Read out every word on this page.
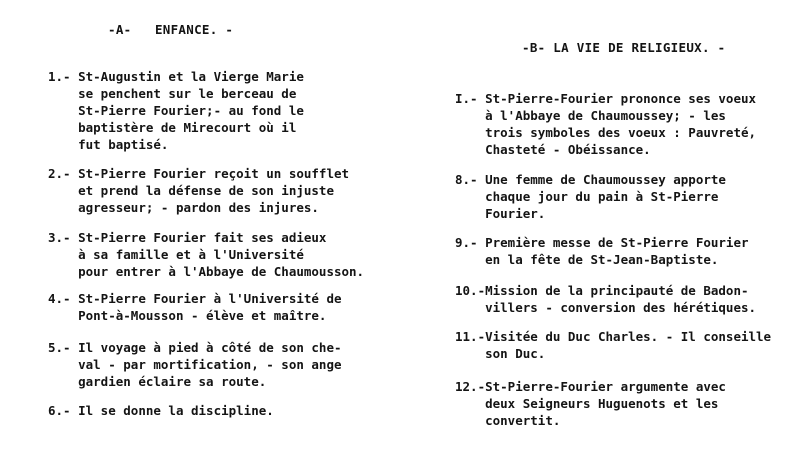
-A-   ENFANCE. -
1.- St-Augustin et la Vierge Marie
se penchent sur le berceau de
St-Pierre Fourier;- au fond le
baptistère de Mirecourt où il
fut baptisé.
2.- St-Pierre Fourier reçoit un soufflet
et prend la défense de son injuste
agresseur; - pardon des injures.
3.- St-Pierre Fourier fait ses adieux
à sa famille et à l'Université
pour entrer à l'Abbaye de Chaumousson.
4.- St-Pierre Fourier à l'Université de
Pont-à-Mousson - élève et maître.
5.- Il voyage à pied à côté de son che-
val - par mortification, - son ange
gardien éclaire sa route.
6.- Il se donne la discipline.
-B- LA VIE DE RELIGIEUX. -
I.- St-Pierre-Fourier prononce ses voeux
à l'Abbaye de Chaumoussey; - les
trois symboles des voeux : Pauvreté,
Chasteté - Obéissance.
8.- Une femme de Chaumoussey apporte
chaque jour du pain à St-Pierre
Fourier.
9.- Première messe de St-Pierre Fourier
en la fête de St-Jean-Baptiste.
10.- Mission de la principauté de Badon-
villers - conversion des hérétiques.
11.- Visitée du Duc Charles. - Il conseille
son Duc.
12.- St-Pierre-Fourier argumente avec
deux Seigneurs Huguenots et les
convertit.
